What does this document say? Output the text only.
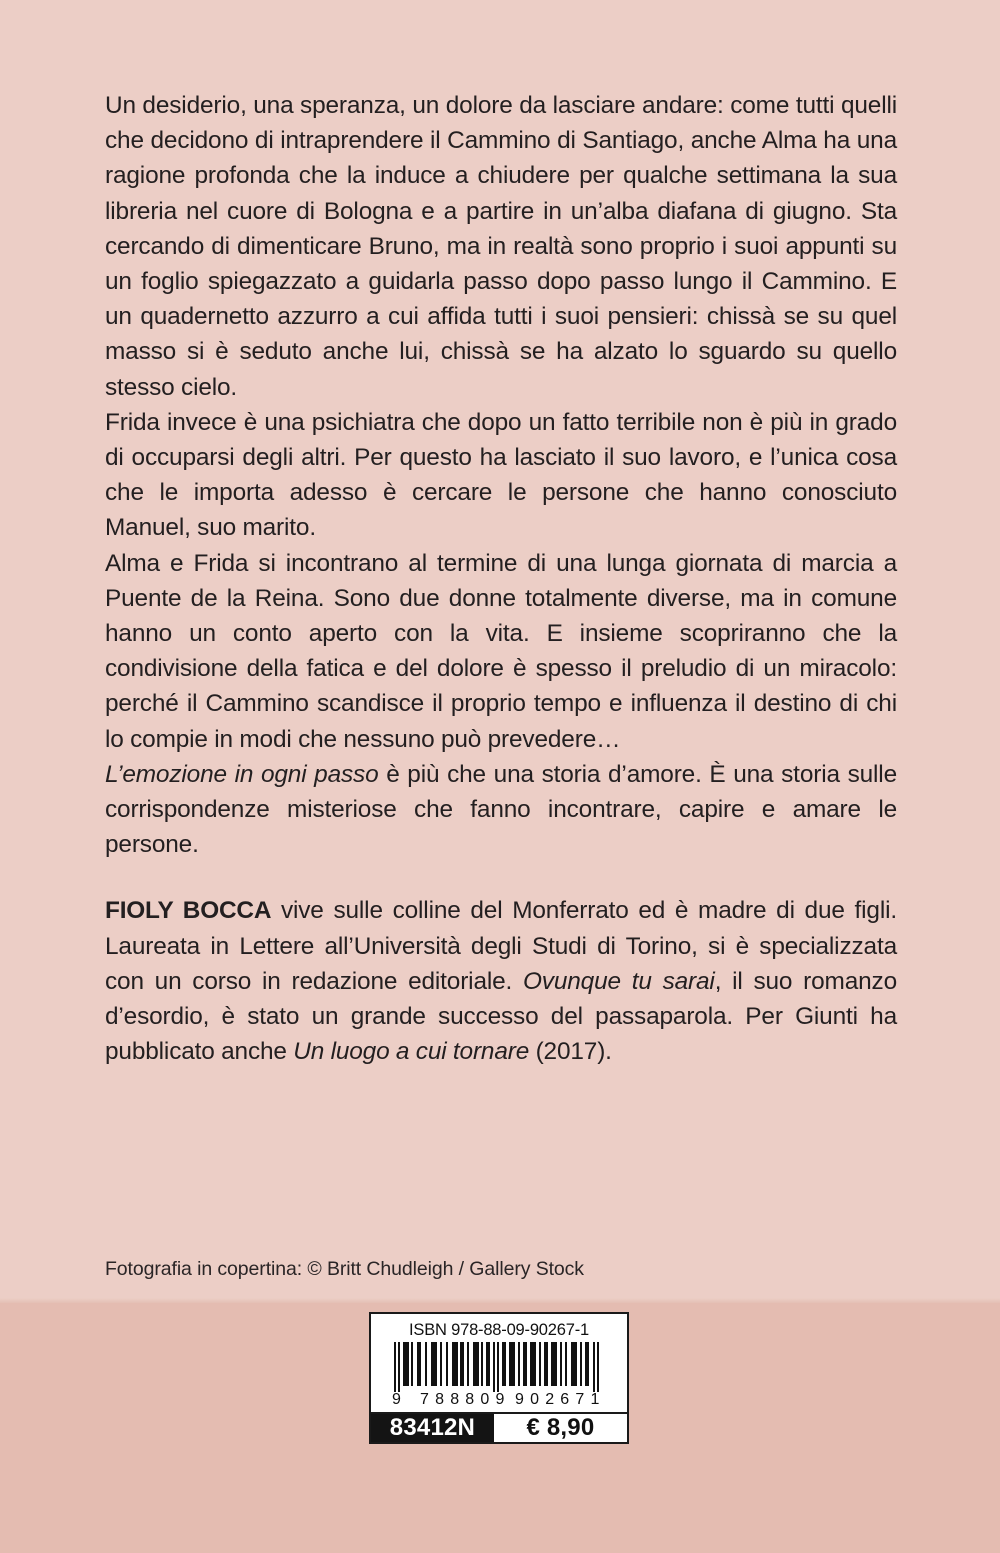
Un desiderio, una speranza, un dolore da lasciare andare: come tutti quelli che decidono di intraprendere il Cammino di Santiago, anche Alma ha una ragione profonda che la induce a chiudere per qualche settimana la sua libreria nel cuore di Bologna e a partire in un’alba diafana di giugno. Sta cercando di dimenticare Bruno, ma in realtà sono proprio i suoi appunti su un foglio spiegazzato a guidarla passo dopo passo lungo il Cammino. E un quadernetto azzurro a cui affida tutti i suoi pensieri: chissà se su quel masso si è seduto anche lui, chissà se ha alzato lo sguardo su quello stesso cielo.

Frida invece è una psichiatra che dopo un fatto terribile non è più in grado di occuparsi degli altri. Per questo ha lasciato il suo lavoro, e l’unica cosa che le importa adesso è cercare le persone che hanno conosciuto Manuel, suo marito.

Alma e Frida si incontrano al termine di una lunga giornata di marcia a Puente de la Reina. Sono due donne totalmente diverse, ma in comune hanno un conto aperto con la vita. E insieme scopriranno che la condivisione della fatica e del dolore è spesso il preludio di un miracolo: perché il Cammino scandisce il proprio tempo e influenza il destino di chi lo compie in modi che nessuno può prevedere…

L’emozione in ogni passo è più che una storia d’amore. È una storia sulle corrispondenze misteriose che fanno incontrare, capire e amare le persone.

FIOLY BOCCA vive sulle colline del Monferrato ed è madre di due figli. Laureata in Lettere all’Università degli Studi di Torino, si è specializzata con un corso in redazione editoriale. Ovunque tu sarai, il suo romanzo d’esordio, è stato un grande successo del passaparola. Per Giunti ha pubblicato anche Un luogo a cui tornare (2017).

Fotografia in copertina: © Britt Chudleigh / Gallery Stock
ISBN 978-88-09-90267-1
9 788809 902671
83412N	€ 8,90
